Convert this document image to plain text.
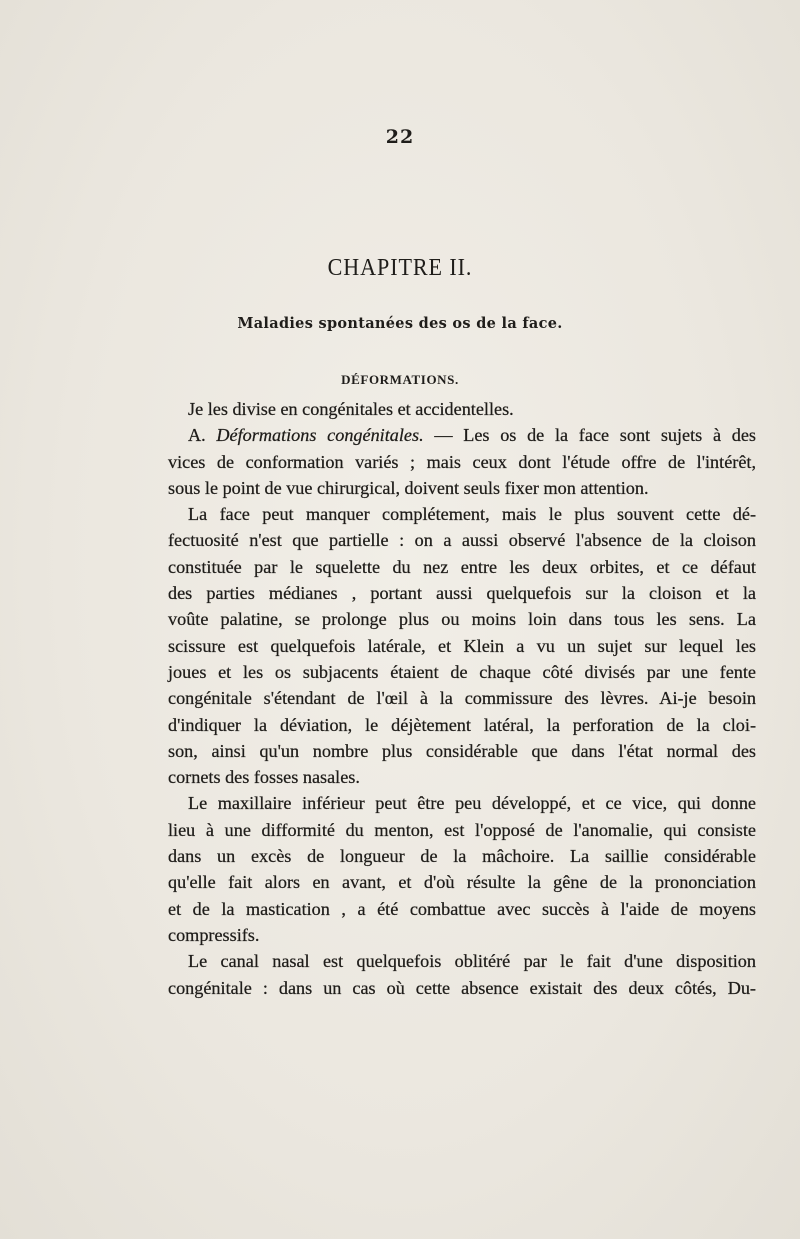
22
CHAPITRE II.
Maladies spontanées des os de la face.
DÉFORMATIONS.
Je les divise en congénitales et accidentelles.
A. Déformations congénitales. — Les os de la face sont sujets à des
vices de conformation variés ; mais ceux dont l'étude offre de l'intérêt,
sous le point de vue chirurgical, doivent seuls fixer mon attention.
La face peut manquer complétement, mais le plus souvent cette dé-
fectuosité n'est que partielle : on a aussi observé l'absence de la cloison
constituée par le squelette du nez entre les deux orbites, et ce défaut
des parties médianes , portant aussi quelquefois sur la cloison et la
voûte palatine, se prolonge plus ou moins loin dans tous les sens. La
scissure est quelquefois latérale, et Klein a vu un sujet sur lequel les
joues et les os subjacents étaient de chaque côté divisés par une fente
congénitale s'étendant de l'œil à la commissure des lèvres. Ai-je besoin
d'indiquer la déviation, le déjètement latéral, la perforation de la cloi-
son, ainsi qu'un nombre plus considérable que dans l'état normal des
cornets des fosses nasales.
Le maxillaire inférieur peut être peu développé, et ce vice, qui donne
lieu à une difformité du menton, est l'opposé de l'anomalie, qui consiste
dans un excès de longueur de la mâchoire. La saillie considérable
qu'elle fait alors en avant, et d'où résulte la gêne de la prononciation
et de la mastication , a été combattue avec succès à l'aide de moyens
compressifs.
Le canal nasal est quelquefois oblitéré par le fait d'une disposition
congénitale : dans un cas où cette absence existait des deux côtés, Du-
